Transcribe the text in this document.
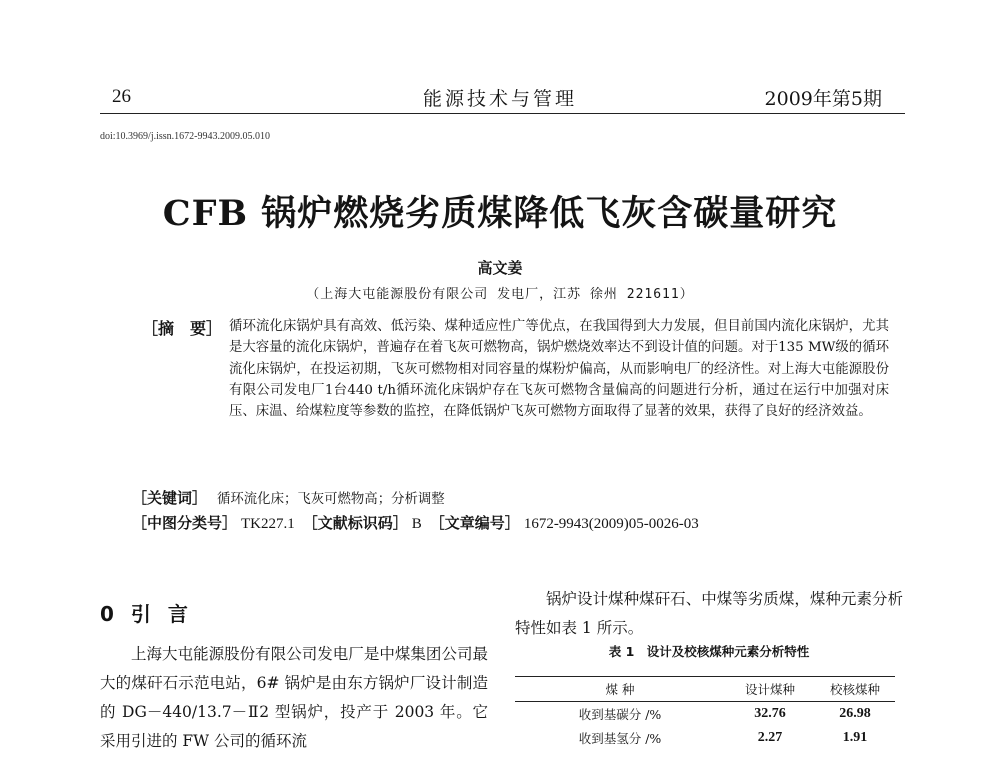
26	能源技术与管理	2009年第5期
doi:10.3969/j.issn.1672-9943.2009.05.010
CFB 锅炉燃烧劣质煤降低飞灰含碳量研究
高文姜
（上海大屯能源股份有限公司 发电厂，江苏 徐州 221611）
［摘　要］ 循环流化床锅炉具有高效、低污染、煤种适应性广等优点，在我国得到大力发展，但目前国内流化床锅炉，尤其是大容量的流化床锅炉，普遍存在着飞灰可燃物高，锅炉燃烧效率达不到设计值的问题。对于135 MW级的循环流化床锅炉，在投运初期，飞灰可燃物相对同容量的煤粉炉偏高，从而影响电厂的经济性。对上海大屯能源股份有限公司发电厂1台440 t/h循环流化床锅炉存在飞灰可燃物含量偏高的问题进行分析，通过在运行中加强对床压、床温、给煤粒度等参数的监控，在降低锅炉飞灰可燃物方面取得了显著的效果，获得了良好的经济效益。
［关键词］ 循环流化床；飞灰可燃物高；分析调整
［中图分类号］ TK227.1 ［文献标识码］ B ［文章编号］ 1672-9943(2009)05-0026-03
0 引 言
上海大屯能源股份有限公司发电厂是中煤集团公司最大的煤矸石示范电站，6# 锅炉是由东方锅炉厂设计制造的 DG－440/13.7－Ⅱ2 型锅炉，投产于 2003 年。它采用引进的 FW 公司的循环流
锅炉设计煤种煤矸石、中煤等劣质煤，煤种元素分析特性如表 1 所示。
表 1　设计及校核煤种元素分析特性
煤 种	设计煤种	校核煤种
收到基碳分 /%	32.76	26.98
收到基氢分 /%	2.27	1.91
